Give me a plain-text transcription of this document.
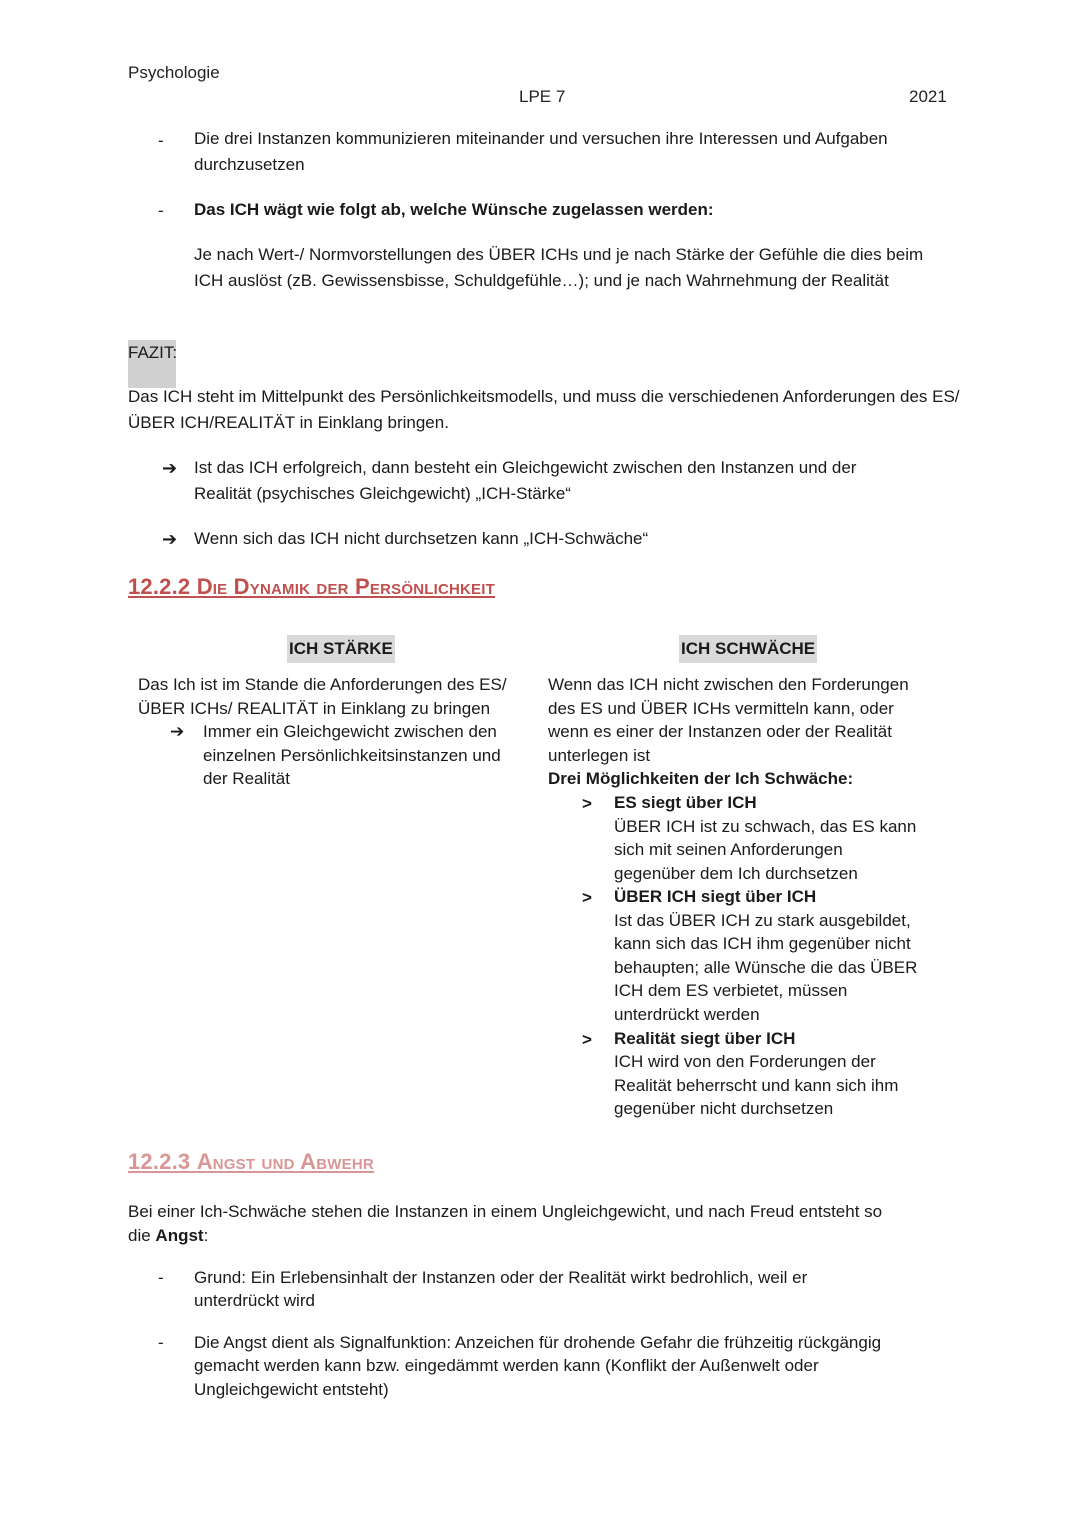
Psychologie
LPE 7	2021
- Die drei Instanzen kommunizieren miteinander und versuchen ihre Interessen und Aufgaben durchzusetzen
- Das ICH wägt wie folgt ab, welche Wünsche zugelassen werden:
Je nach Wert-/ Normvorstellungen des ÜBER ICHs und je nach Stärke der Gefühle die dies beim ICH auslöst (zB. Gewissensbisse, Schuldgefühle…); und je nach Wahrnehmung der Realität
FAZIT:
Das ICH steht im Mittelpunkt des Persönlichkeitsmodells, und muss die verschiedenen Anforderungen des ES/ÜBER ICH/REALITÄT in Einklang bringen.
➔ Ist das ICH erfolgreich, dann besteht ein Gleichgewicht zwischen den Instanzen und der Realität (psychisches Gleichgewicht) „ICH-Stärke“
➔ Wenn sich das ICH nicht durchsetzen kann „ICH-Schwäche“
12.2.2 Die Dynamik der Persönlichkeit
ICH STÄRKE	ICH SCHWÄCHE
Das Ich ist im Stande die Anforderungen des ES/
ÜBER ICHs/ REALITÄT in Einklang zu bringen
➔ Immer ein Gleichgewicht zwischen den
einzelnen Persönlichkeitsinstanzen und
der Realität
Wenn das ICH nicht zwischen den Forderungen
des ES und ÜBER ICHs vermitteln kann, oder
wenn es einer der Instanzen oder der Realität
unterlegen ist
Drei Möglichkeiten der Ich Schwäche:
> ES siegt über ICH
ÜBER ICH ist zu schwach, das ES kann
sich mit seinen Anforderungen
gegenüber dem Ich durchsetzen
> ÜBER ICH siegt über ICH
Ist das ÜBER ICH zu stark ausgebildet,
kann sich das ICH ihm gegenüber nicht
behaupten; alle Wünsche die das ÜBER
ICH dem ES verbietet, müssen
unterdrückt werden
> Realität siegt über ICH
ICH wird von den Forderungen der
Realität beherrscht und kann sich ihm
gegenüber nicht durchsetzen
12.2.3 Angst und Abwehr
Bei einer Ich-Schwäche stehen die Instanzen in einem Ungleichgewicht, und nach Freud entsteht so
die Angst:
- Grund: Ein Erlebensinhalt der Instanzen oder der Realität wirkt bedrohlich, weil er
unterdrückt wird
- Die Angst dient als Signalfunktion: Anzeichen für drohende Gefahr die frühzeitig rückgängig
gemacht werden kann bzw. eingedämmt werden kann (Konflikt der Außenwelt oder
Ungleichgewicht entsteht)
